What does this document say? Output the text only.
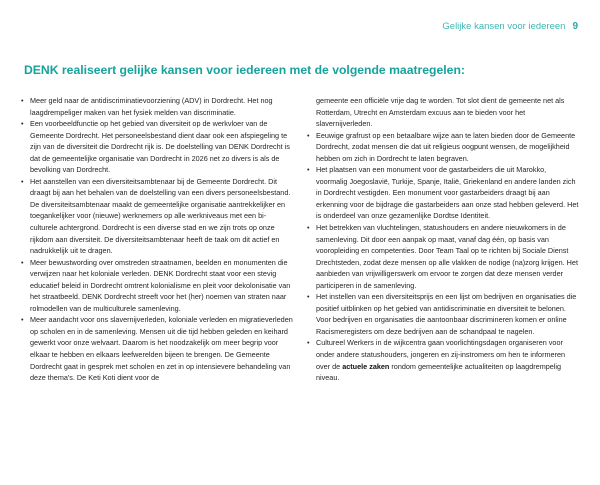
Gelijke kansen voor iedereen 9
DENK realiseert gelijke kansen voor iedereen met de volgende maatregelen:
• Meer geld naar de antidiscriminatievoorziening (ADV) in Dordrecht. Het nog laagdrempeliger maken van het fysiek melden van discriminatie.
• Een voorbeeldfunctie op het gebied van diversiteit op de werkvloer van de Gemeente Dordrecht. Het personeelsbestand dient daar ook een afspiegeling te zijn van de diversiteit die Dordrecht rijk is. De doelstelling van DENK Dordrecht is dat de gemeentelijke organisatie van Dordrecht in 2026 net zo divers is als de bevolking van Dordrecht.
• Het aanstellen van een diversiteitsambtenaar bij de Gemeente Dordrecht. Dit draagt bij aan het behalen van de doelstelling van een divers personeelsbestand. De diversiteitsambtenaar maakt de gemeentelijke organisatie aantrekkelijker en toegankelijker voor (nieuwe) werknemers op alle werkniveaus met een bi-culturele achtergrond. Dordrecht is een diverse stad en we zijn trots op onze rijkdom aan diversiteit. De diversiteitsambtenaar heeft de taak om dit actief en nadrukkelijk uit te dragen.
• Meer bewustwording over omstreden straatnamen, beelden en monumenten die verwijzen naar het koloniale verleden. DENK Dordrecht staat voor een stevig educatief beleid in Dordrecht omtrent kolonialisme en pleit voor dekolonisatie van het straatbeeld. DENK Dordrecht streeft voor het (her) noemen van straten naar rolmodellen van de multiculturele samenleving.
• Meer aandacht voor ons slavernijverleden, koloniale verleden en migratieverleden op scholen en in de samenleving. Mensen uit die tijd hebben geleden en keihard gewerkt voor onze welvaart. Daarom is het noodzakelijk om meer begrip voor elkaar te hebben en elkaars leefwerelden bijeen te brengen. De Gemeente Dordrecht gaat in gesprek met scholen en zet in op intensievere behandeling van deze thema's. De Keti Koti dient voor de
gemeente een officiële vrije dag te worden. Tot slot dient de gemeente net als Rotterdam, Utrecht en Amsterdam excuus aan te bieden voor het slavernijverleden.
• Eeuwige grafrust op een betaalbare wijze aan te laten bieden door de Gemeente Dordrecht, zodat mensen die dat uit religieus oogpunt wensen, de mogelijkheid hebben om zich in Dordrecht te laten begraven.
• Het plaatsen van een monument voor de gastarbeiders die uit Marokko, voormalig Joegoslavië, Turkije, Spanje, Italië, Griekenland en andere landen zich in Dordrecht vestigden. Een monument voor gastarbeiders draagt bij aan erkenning voor de bijdrage die gastarbeiders aan onze stad hebben geleverd. Het is onderdeel van onze gezamenlijke Dordtse Identiteit.
• Het betrekken van vluchtelingen, statushouders en andere nieuwkomers in de samenleving. Dit door een aanpak op maat, vanaf dag één, op basis van vooropleiding en competenties. Door Team Taal op te richten bij Sociale Dienst Drechtsteden, zodat deze mensen op alle vlakken de nodige (na)zorg krijgen. Het aanbieden van vrijwilligerswerk om ervoor te zorgen dat deze mensen verder participeren in de samenleving.
• Het instellen van een diversiteitsprijs en een lijst om bedrijven en organisaties die positief uitblinken op het gebied van antidiscriminatie en diversiteit te belonen. Voor bedrijven en organisaties die aantoonbaar discrimineren komen er online Racismeregisters om deze bedrijven aan de schandpaal te nagelen.
• Cultureel Werkers in de wijkcentra gaan voorlichtingsdagen organiseren voor onder andere statushouders, jongeren en zij-instromers om hen te informeren over de actuele zaken rondom gemeentelijke actualiteiten op laagdrempelig niveau.
